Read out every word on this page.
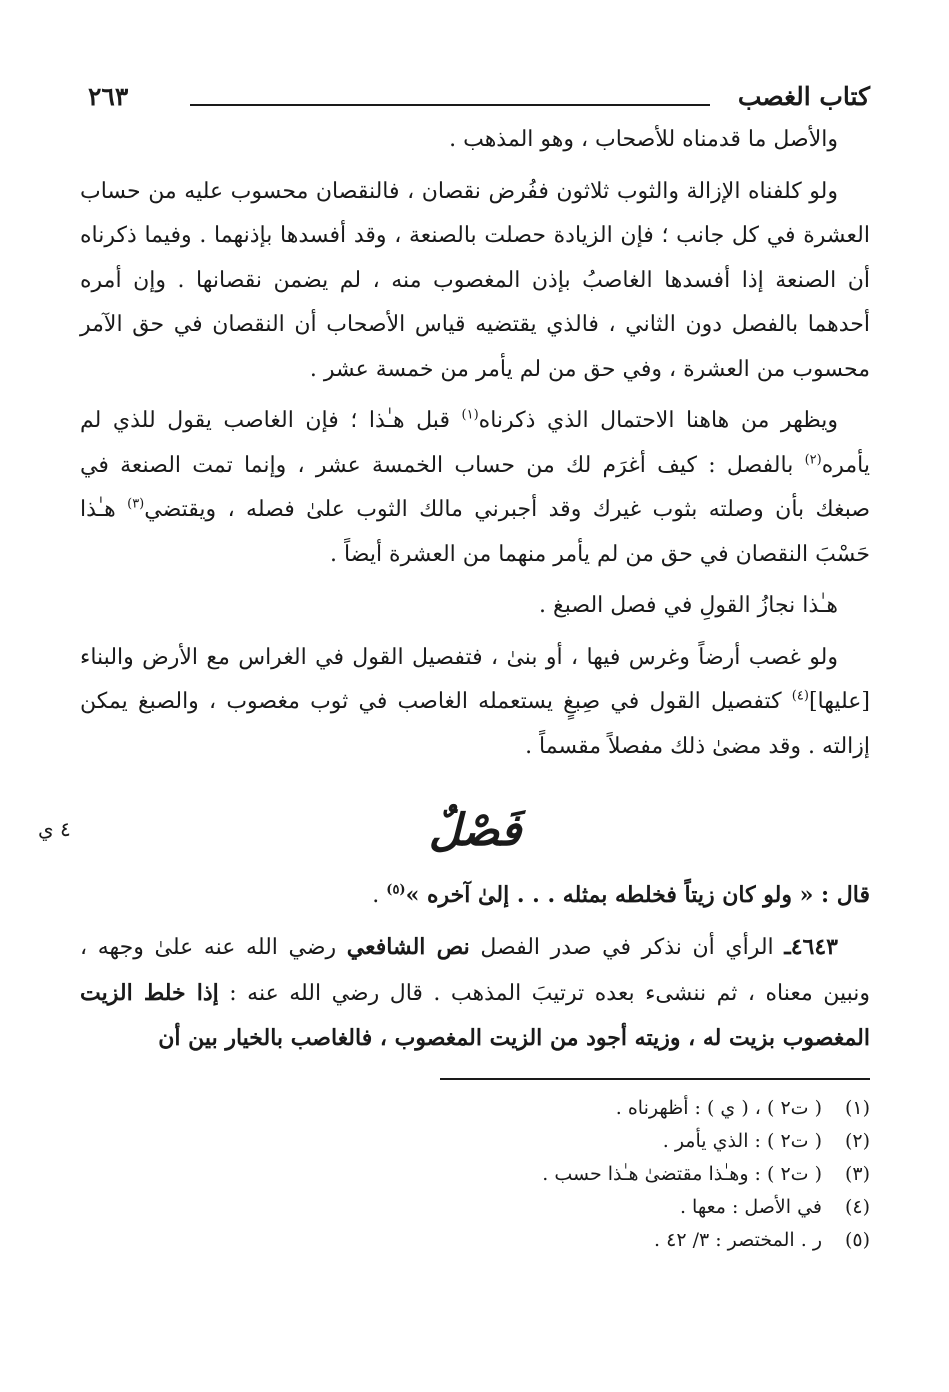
كتاب الغصب
٢٦٣

والأصل ما قدمناه للأصحاب ، وهو المذهب .

ولو كلفناه الإزالة والثوب ثلاثون ففُرض نقصان ، فالنقصان محسوب عليه من حساب العشرة في كل جانب ؛ فإن الزيادة حصلت بالصنعة ، وقد أفسدها بإذنهما . وفيما ذكرناه أن الصنعة إذا أفسدها الغاصبُ بإذن المغصوب منه ، لم يضمن نقصانها . وإن أمره أحدهما بالفصل دون الثاني ، فالذي يقتضيه قياس الأصحاب أن النقصان في حق الآمر محسوب من العشرة ، وفي حق من لم يأمر من خمسة عشر .

ويظهر من هاهنا الاحتمال الذي ذكرناه$^{(١)}$ قبل هـٰذا ؛ فإن الغاصب يقول للذي لم يأمره$^{(٢)}$ بالفصل : كيف أغرَم لك من حساب الخمسة عشر ، وإنما تمت الصنعة في صبغك بأن وصلته بثوب غيرك وقد أجبرني مالك الثوب علىٰ فصله ، ويقتضي$^{(٣)}$ هـٰذا حَسْبَ النقصان في حق من لم يأمر منهما من العشرة أيضاً .

هـٰذا نجازُ القولِ في فصل الصبغ .

ولو غصب أرضاً وغرس فيها ، أو بنىٰ ، فتفصيل القول في الغراس مع الأرض والبناء [عليها]$^{(٤)}$ كتفصيل القول في صِبغٍ يستعمله الغاصب في ثوب مغصوب ، والصبغ يمكن إزالته . وقد مضىٰ ذلك مفصلاً مقسماً .

فَصْلٌ
٤ ي
قال : « ولو كان زيتاً فخلطه بمثله . . . إلىٰ آخره »$^{(٥)}$ .

٤٦٤٣ـ الرأي أن نذكر في صدر الفصل نص الشافعي رضي الله عنه علىٰ وجهه ، ونبين معناه ، ثم ننشىء بعده ترتيبَ المذهب . قال رضي الله عنه : إذا خلط الزيت المغصوب بزيت له ، وزيته أجود من الزيت المغصوب ، فالغاصب بالخيار بين أن

(١)( ت٢ ) ، ( ي ) : أظهرناه .
(٢)( ت٢ ) : الذي يأمر .
(٣)( ت٢ ) : وهـٰذا مقتضىٰ هـٰذا حسب .
(٤)في الأصل : معها .
(٥)ر . المختصر : ٣/ ٤٢ .
